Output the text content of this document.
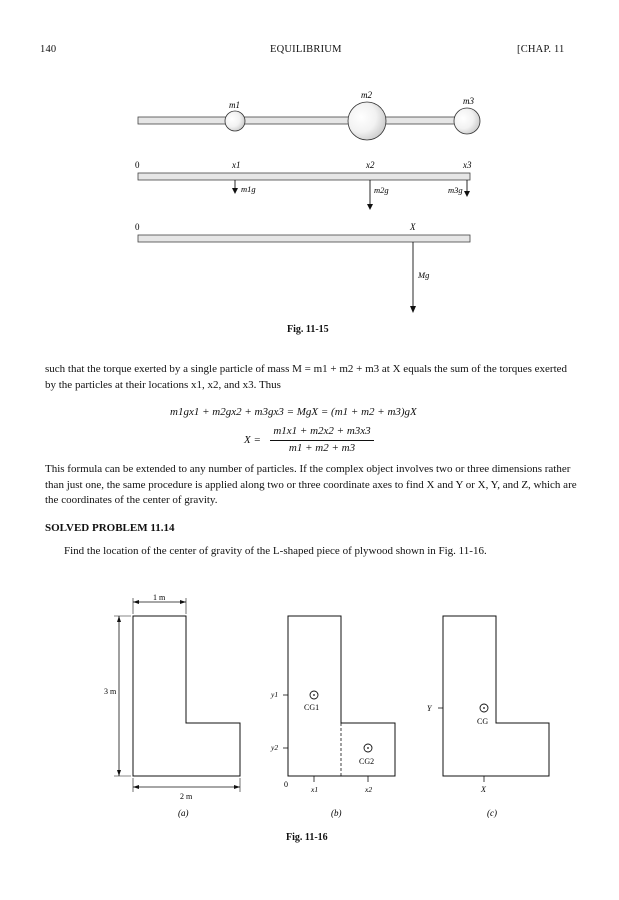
140	EQUILIBRIUM	[CHAP. 11
m1
m2
m3
0	x1	x2	x3
m1g	m2g	m3g
0	X
Mg
Fig. 11-15
such that the torque exerted by a single particle of mass M = m1 + m2 + m3 at X equals the sum of the torques exerted by the particles at their locations x1, x2, and x3. Thus
m1gx1 + m2gx2 + m3gx3 = MgX = (m1 + m2 + m3)gX
X =
m1x1 + m2x2 + m3x3
m1 + m2 + m3
This formula can be extended to any number of particles. If the complex object involves two or three dimensions rather than just one, the same procedure is applied along two or three coordinate axes to find X and Y or X, Y, and Z, which are the coordinates of the center of gravity.
SOLVED PROBLEM 11.14
Find the location of the center of gravity of the L-shaped piece of plywood shown in Fig. 11-16.
1 m
3 m
2 m
(a)
y1
y2
x1	x2
0
CG1
CG2
(b)
Y
X
CG
(c)
Fig. 11-16
